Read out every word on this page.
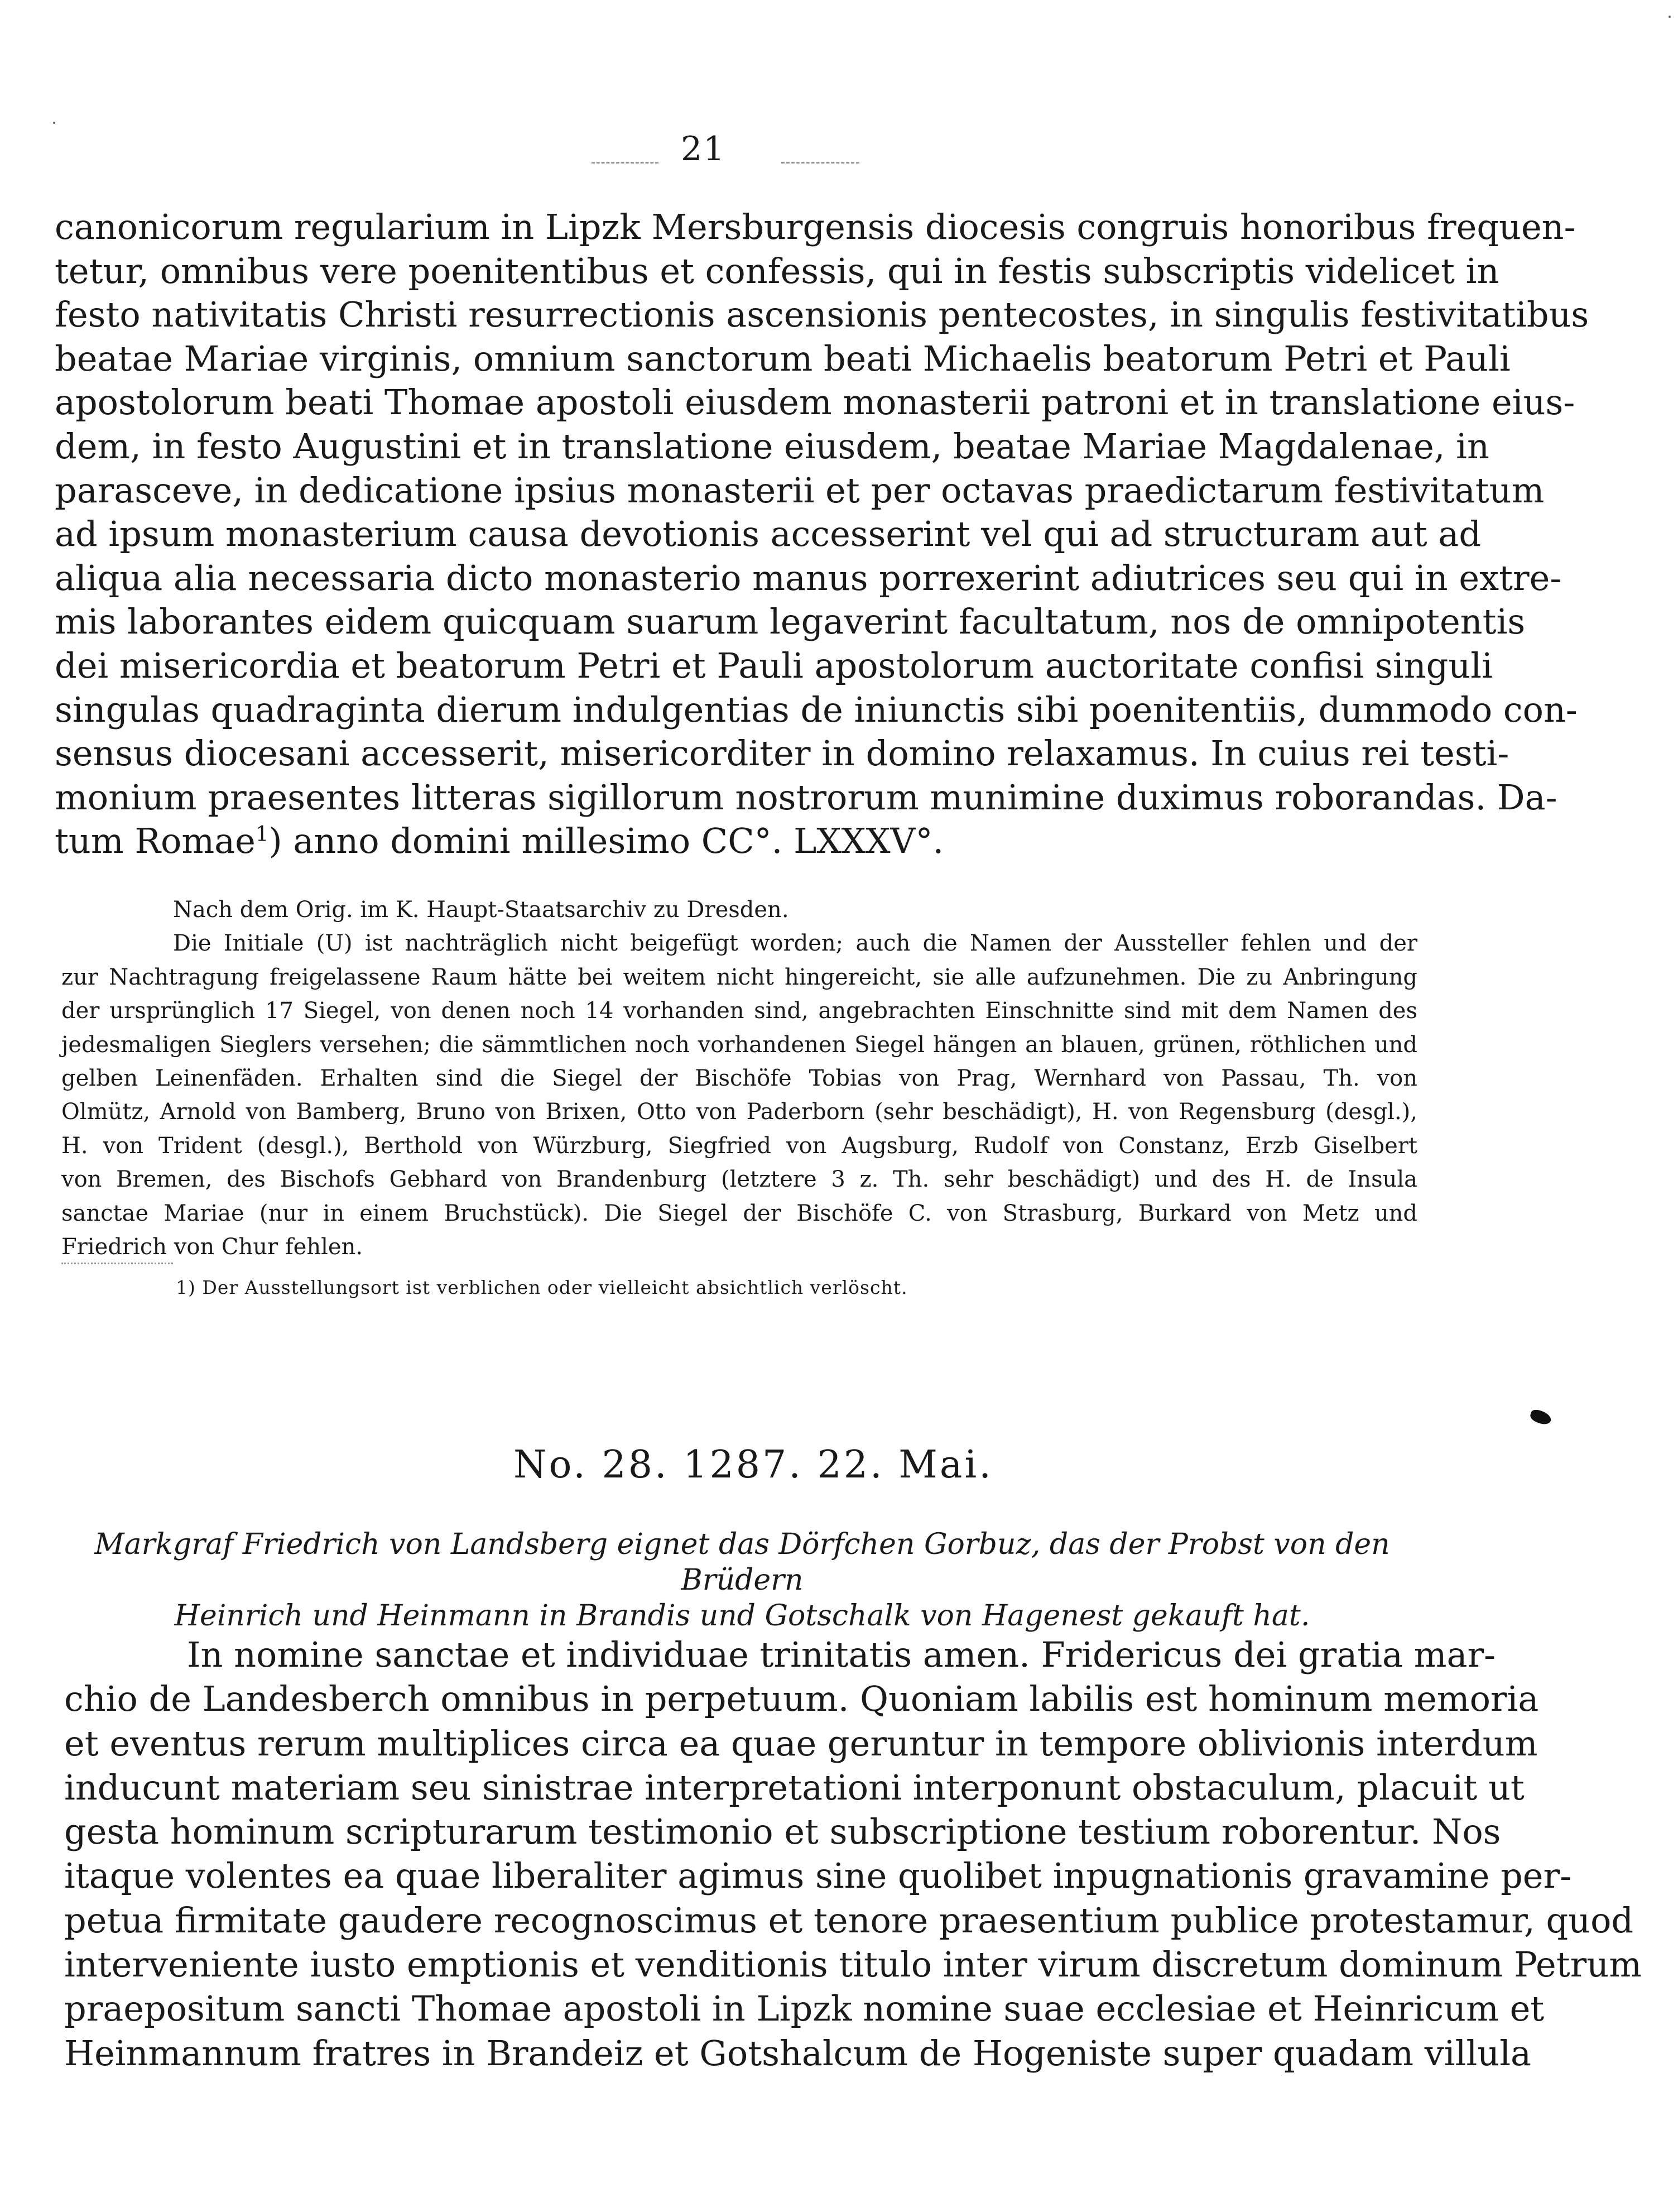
21
canonicorum regularium in Lipzk Mersburgensis diocesis congruis honoribus frequen-
tetur, omnibus vere poenitentibus et confessis, qui in festis subscriptis videlicet in
festo nativitatis Christi resurrectionis ascensionis pentecostes, in singulis festivitatibus
beatae Mariae virginis, omnium sanctorum beati Michaelis beatorum Petri et Pauli
apostolorum beati Thomae apostoli eiusdem monasterii patroni et in translatione eius-
dem, in festo Augustini et in translatione eiusdem, beatae Mariae Magdalenae, in
parasceve, in dedicatione ipsius monasterii et per octavas praedictarum festivitatum
ad ipsum monasterium causa devotionis accesserint vel qui ad structuram aut ad
aliqua alia necessaria dicto monasterio manus porrexerint adiutrices seu qui in extre-
mis laborantes eidem quicquam suarum legaverint facultatum, nos de omnipotentis
dei misericordia et beatorum Petri et Pauli apostolorum auctoritate confisi singuli
singulas quadraginta dierum indulgentias de iniunctis sibi poenitentiis, dummodo con-
sensus diocesani accesserit, misericorditer in domino relaxamus. In cuius rei testi-
monium praesentes litteras sigillorum nostrorum munimine duximus roborandas. Da-
tum Romae$^1$) anno domini millesimo CC°. LXXXV°.
Nach dem Orig. im K. Haupt-Staatsarchiv zu Dresden.
Die Initiale (U) ist nachträglich nicht beigefügt worden; auch die Namen der Aussteller fehlen und der
zur Nachtragung freigelassene Raum hätte bei weitem nicht hingereicht, sie alle aufzunehmen. Die zu Anbringung
der ursprünglich 17 Siegel, von denen noch 14 vorhanden sind, angebrachten Einschnitte sind mit dem Namen des
jedesmaligen Sieglers versehen; die sämmtlichen noch vorhandenen Siegel hängen an blauen, grünen, röthlichen und
gelben Leinenfäden. Erhalten sind die Siegel der Bischöfe Tobias von Prag, Wernhard von Passau, Th. von
Olmütz, Arnold von Bamberg, Bruno von Brixen, Otto von Paderborn (sehr beschädigt), H. von Regensburg (desgl.),
H. von Trident (desgl.), Berthold von Würzburg, Siegfried von Augsburg, Rudolf von Constanz, Erzb Giselbert
von Bremen, des Bischofs Gebhard von Brandenburg (letztere 3 z. Th. sehr beschädigt) und des H. de Insula
sanctae Mariae (nur in einem Bruchstück). Die Siegel der Bischöfe C. von Strasburg, Burkard von Metz und
Friedrich von Chur fehlen.
1) Der Ausstellungsort ist verblichen oder vielleicht absichtlich verlöscht.
No. 28. 1287. 22. Mai.
Markgraf Friedrich von Landsberg eignet das Dörfchen Gorbuz, das der Probst von den Brüdern
Heinrich und Heinmann in Brandis und Gotschalk von Hagenest gekauft hat.
In nomine sanctae et individuae trinitatis amen. Fridericus dei gratia mar-
chio de Landesberch omnibus in perpetuum. Quoniam labilis est hominum memoria
et eventus rerum multiplices circa ea quae geruntur in tempore oblivionis interdum
inducunt materiam seu sinistrae interpretationi interponunt obstaculum, placuit ut
gesta hominum scripturarum testimonio et subscriptione testium roborentur. Nos
itaque volentes ea quae liberaliter agimus sine quolibet inpugnationis gravamine per-
petua firmitate gaudere recognoscimus et tenore praesentium publice protestamur, quod
interveniente iusto emptionis et venditionis titulo inter virum discretum dominum Petrum
praepositum sancti Thomae apostoli in Lipzk nomine suae ecclesiae et Heinricum et
Heinmannum fratres in Brandeiz et Gotshalcum de Hogeniste super quadam villula
